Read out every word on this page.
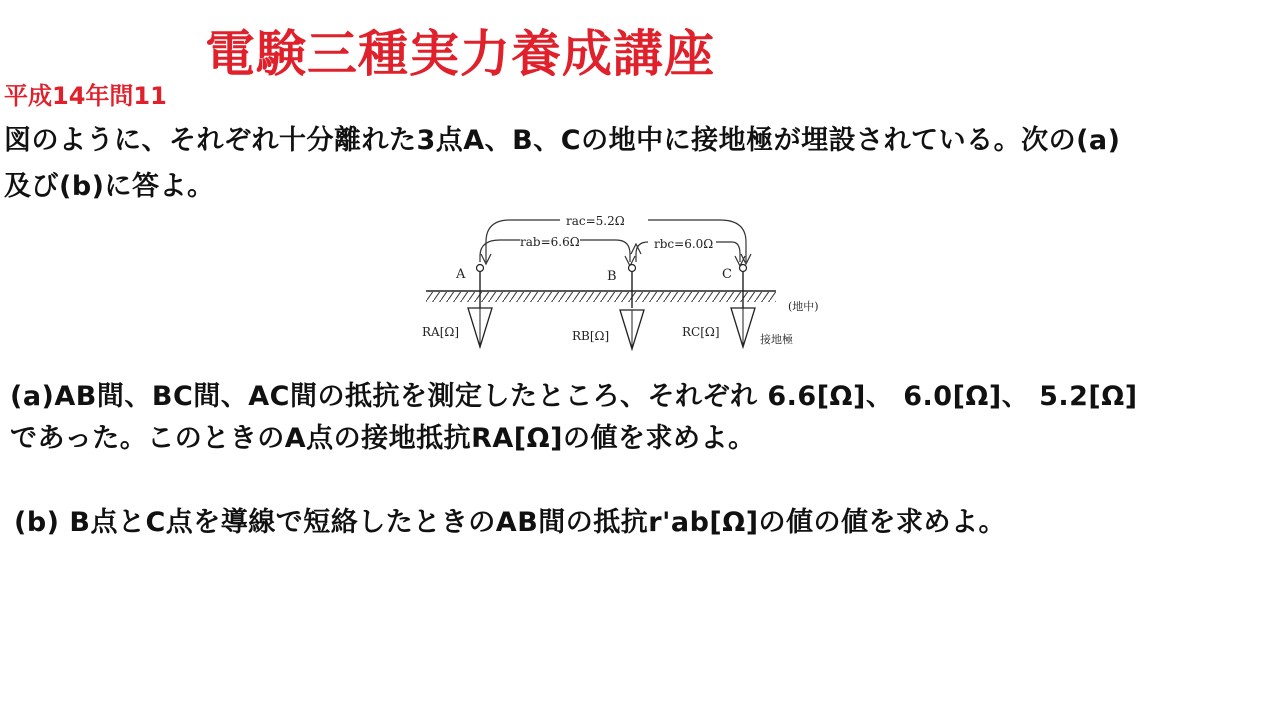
電験三種実力養成講座
平成14年問11
図のように、それぞれ十分離れた3点A、B、Cの地中に接地極が埋設されている。次の(a)
及び(b)に答よ。
rac=5.2Ω
rab=6.6Ω	rbc=6.0Ω
A	B	C
RA[Ω]	RB[Ω]	RC[Ω]
(地中)
接地極
(a)AB間、BC間、AC間の抵抗を測定したところ、それぞれ 6.6[Ω]、 6.0[Ω]、 5.2[Ω]
であった。このときのA点の接地抵抗RA[Ω]の値を求めよ。
(b) B点とC点を導線で短絡したときのAB間の抵抗r'ab[Ω]の値の値を求めよ。
